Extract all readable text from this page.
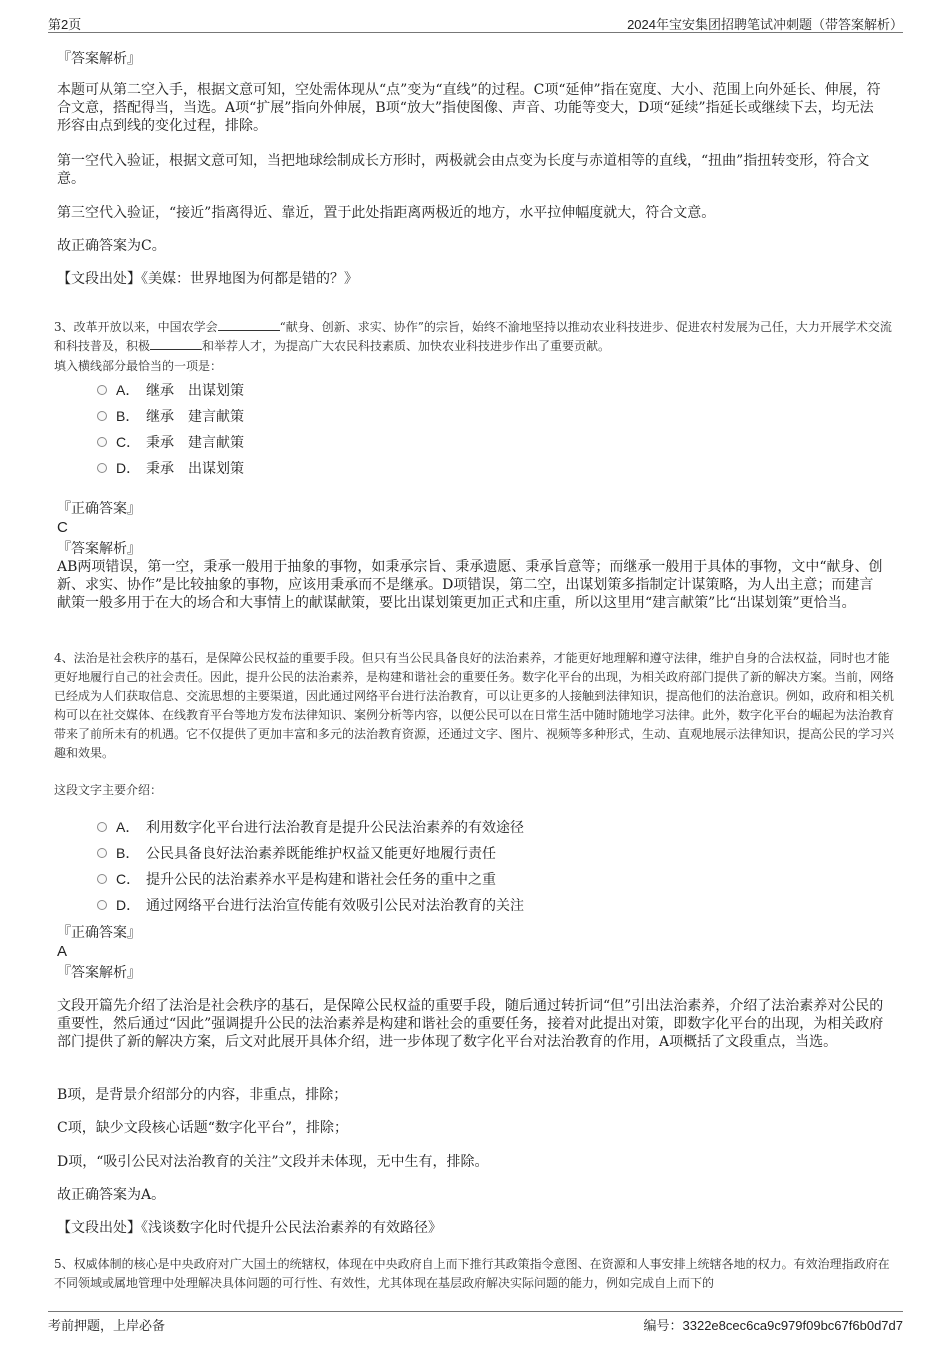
第2页	2024年宝安集团招聘笔试冲刺题（带答案解析）
『答案解析』
本题可从第二空入手，根据文意可知，空处需体现从“点”变为“直线”的过程。C项“延伸”指在宽度、大小、范围上向外延长、伸展，符合文意，搭配得当，当选。A项“扩展”指向外伸展，B项“放大”指使图像、声音、功能等变大，D项“延续”指延长或继续下去，均无法形容由点到线的变化过程，排除。
第一空代入验证，根据文意可知，当把地球绘制成长方形时，两极就会由点变为长度与赤道相等的直线，“扭曲”指扭转变形，符合文意。
第三空代入验证，“接近”指离得近、靠近，置于此处指距离两极近的地方，水平拉伸幅度就大，符合文意。
故正确答案为C。
【文段出处】《美媒：世界地图为何都是错的？》
3、改革开放以来，中国农学会	“献身、创新、求实、协作”的宗旨，始终不渝地坚持以推动农业科技进步、促进农村发展为己任，大力开展学术交流和科技普及，积极	和举荐人才，为提高广大农民科技素质、加快农业科技进步作出了重要贡献。
填入横线部分最恰当的一项是：
A． 继承　出谋划策
B． 继承　建言献策
C． 秉承　建言献策
D． 秉承　出谋划策
『正确答案』
C
『答案解析』
AB两项错误，第一空，秉承一般用于抽象的事物，如秉承宗旨、秉承遗愿、秉承旨意等；而继承一般用于具体的事物，文中“献身、创新、求实、协作”是比较抽象的事物，应该用秉承而不是继承。D项错误，第二空，出谋划策多指制定计谋策略，为人出主意；而建言献策一般多用于在大的场合和大事情上的献谋献策，要比出谋划策更加正式和庄重，所以这里用“建言献策”比“出谋划策”更恰当。
4、法治是社会秩序的基石，是保障公民权益的重要手段。但只有当公民具备良好的法治素养，才能更好地理解和遵守法律，维护自身的合法权益，同时也才能更好地履行自己的社会责任。因此，提升公民的法治素养，是构建和谐社会的重要任务。数字化平台的出现，为相关政府部门提供了新的解决方案。当前，网络已经成为人们获取信息、交流思想的主要渠道，因此通过网络平台进行法治教育，可以让更多的人接触到法律知识，提高他们的法治意识。例如，政府和相关机构可以在社交媒体、在线教育平台等地方发布法律知识、案例分析等内容，以便公民可以在日常生活中随时随地学习法律。此外，数字化平台的崛起为法治教育带来了前所未有的机遇。它不仅提供了更加丰富和多元的法治教育资源，还通过文字、图片、视频等多种形式，生动、直观地展示法律知识，提高公民的学习兴趣和效果。
这段文字主要介绍：
A． 利用数字化平台进行法治教育是提升公民法治素养的有效途径
B． 公民具备良好法治素养既能维护权益又能更好地履行责任
C． 提升公民的法治素养水平是构建和谐社会任务的重中之重
D． 通过网络平台进行法治宣传能有效吸引公民对法治教育的关注
『正确答案』
A
『答案解析』
文段开篇先介绍了法治是社会秩序的基石，是保障公民权益的重要手段，随后通过转折词“但”引出法治素养，介绍了法治素养对公民的重要性，然后通过“因此”强调提升公民的法治素养是构建和谐社会的重要任务，接着对此提出对策，即数字化平台的出现，为相关政府部门提供了新的解决方案，后文对此展开具体介绍，进一步体现了数字化平台对法治教育的作用，A项概括了文段重点，当选。
B项，是背景介绍部分的内容，非重点，排除；
C项，缺少文段核心话题“数字化平台”，排除；
D项，“吸引公民对法治教育的关注”文段并未体现，无中生有，排除。
故正确答案为A。
【文段出处】《浅谈数字化时代提升公民法治素养的有效路径》
5、权威体制的核心是中央政府对广大国土的统辖权，体现在中央政府自上而下推行其政策指令意图、在资源和人事安排上统辖各地的权力。有效治理指政府在不同领域或属地管理中处理解决具体问题的可行性、有效性，尤其体现在基层政府解决实际问题的能力，例如完成自上而下的
考前押题，上岸必备	编号：3322e8cec6ca9c979f09bc67f6b0d7d7
